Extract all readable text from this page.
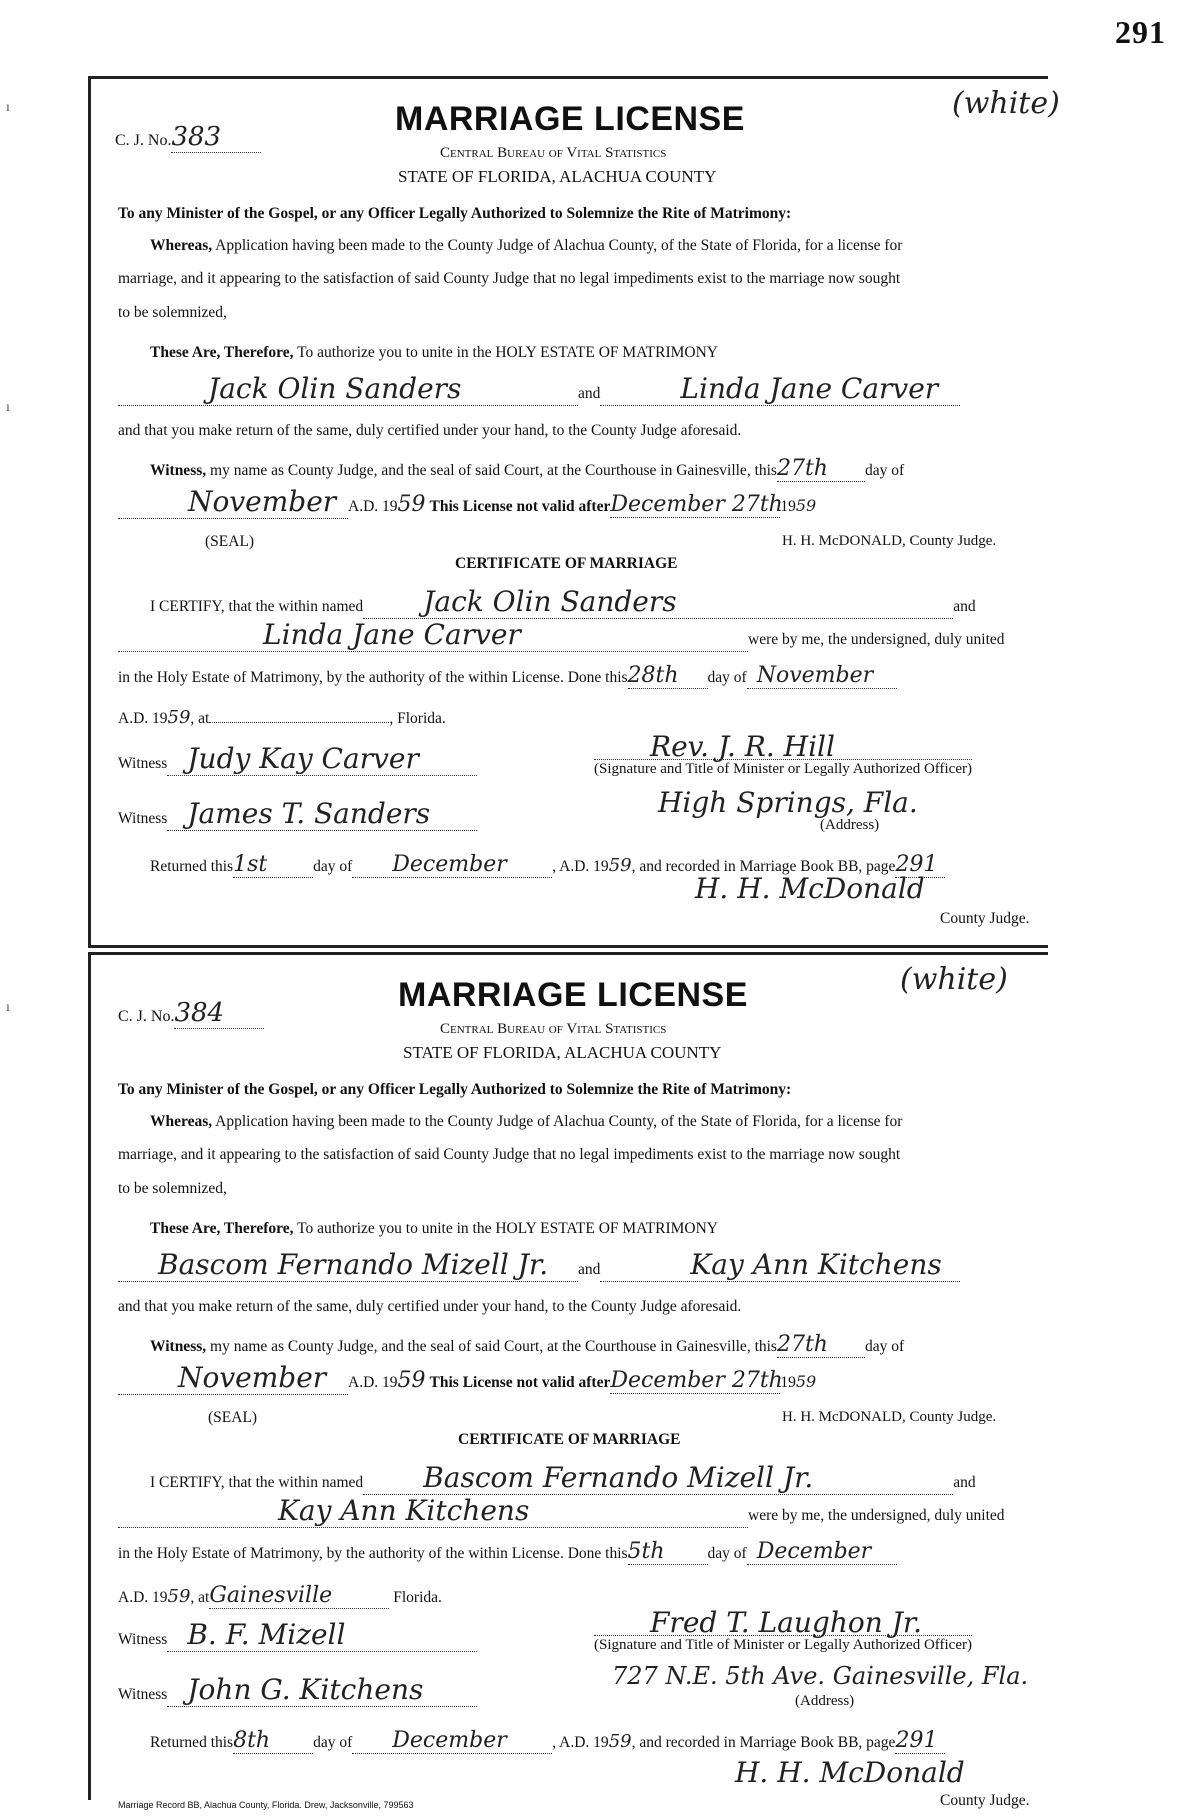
291
ı
ı
ı
C. J. No.383	MARRIAGE LICENSE	(white)
Central Bureau of Vital Statistics
STATE OF FLORIDA, ALACHUA COUNTY
To any Minister of the Gospel, or any Officer Legally Authorized to Solemnize the Rite of Matrimony:
Whereas, Application having been made to the County Judge of Alachua County, of the State of Florida, for a license for
marriage, and it appearing to the satisfaction of said County Judge that no legal impediments exist to the marriage now sought
to be solemnized,
These Are, Therefore, To authorize you to unite in the HOLY ESTATE OF MATRIMONY
Jack Olin Sanders	and	Linda Jane Carver
and that you make return of the same, duly certified under your hand, to the County Judge aforesaid.
Witness, my name as County Judge, and the seal of said Court, at the Courthouse in Gainesville, this27th day of
November A.D. 1959 This License not valid afterDecember 27th1959
(SEAL)	H. H. McDONALD, County Judge.
CERTIFICATE OF MARRIAGE
I CERTIFY, that the within named Jack Olin Sanders	and
Linda Jane Carver	were by me, the undersigned, duly united
in the Holy Estate of Matrimony, by the authority of the within License. Done this28th day of November
A.D. 1959, at	, Florida.
Witness Judy Kay Carver	Rev. J. R. Hill
(Signature and Title of Minister or Legally Authorized Officer)
Witness James T. Sanders	High Springs, Fla.
(Address)
Returned this1st	day of December	, A.D. 1959, and recorded in Marriage Book BB, page291
H. H. McDonald
County Judge.
C. J. No.384	MARRIAGE LICENSE	(white)
Central Bureau of Vital Statistics
STATE OF FLORIDA, ALACHUA COUNTY
To any Minister of the Gospel, or any Officer Legally Authorized to Solemnize the Rite of Matrimony:
Whereas, Application having been made to the County Judge of Alachua County, of the State of Florida, for a license for
marriage, and it appearing to the satisfaction of said County Judge that no legal impediments exist to the marriage now sought
to be solemnized,
These Are, Therefore, To authorize you to unite in the HOLY ESTATE OF MATRIMONY
Bascom Fernando Mizell Jr. and	Kay Ann Kitchens
and that you make return of the same, duly certified under your hand, to the County Judge aforesaid.
Witness, my name as County Judge, and the seal of said Court, at the Courthouse in Gainesville, this27th day of
November A.D. 1959 This License not valid afterDecember 27th1959
(SEAL)	H. H. McDONALD, County Judge.
CERTIFICATE OF MARRIAGE
I CERTIFY, that the within named Bascom Fernando Mizell Jr.	and
Kay Ann Kitchens	were by me, the undersigned, duly united
in the Holy Estate of Matrimony, by the authority of the within License. Done this5th	day of December
A.D. 1959, atGainesville	Florida.
Witness B. F. Mizell	Fred T. Laughon Jr.
(Signature and Title of Minister or Legally Authorized Officer)
Witness John G. Kitchens	727 N.E. 5th Ave. Gainesville, Fla.
(Address)
Returned this8th	day of December	, A.D. 1959, and recorded in Marriage Book BB, page291
H. H. McDonald
County Judge.
Marriage Record BB, Alachua County, Florida. Drew, Jacksonville, 799563
